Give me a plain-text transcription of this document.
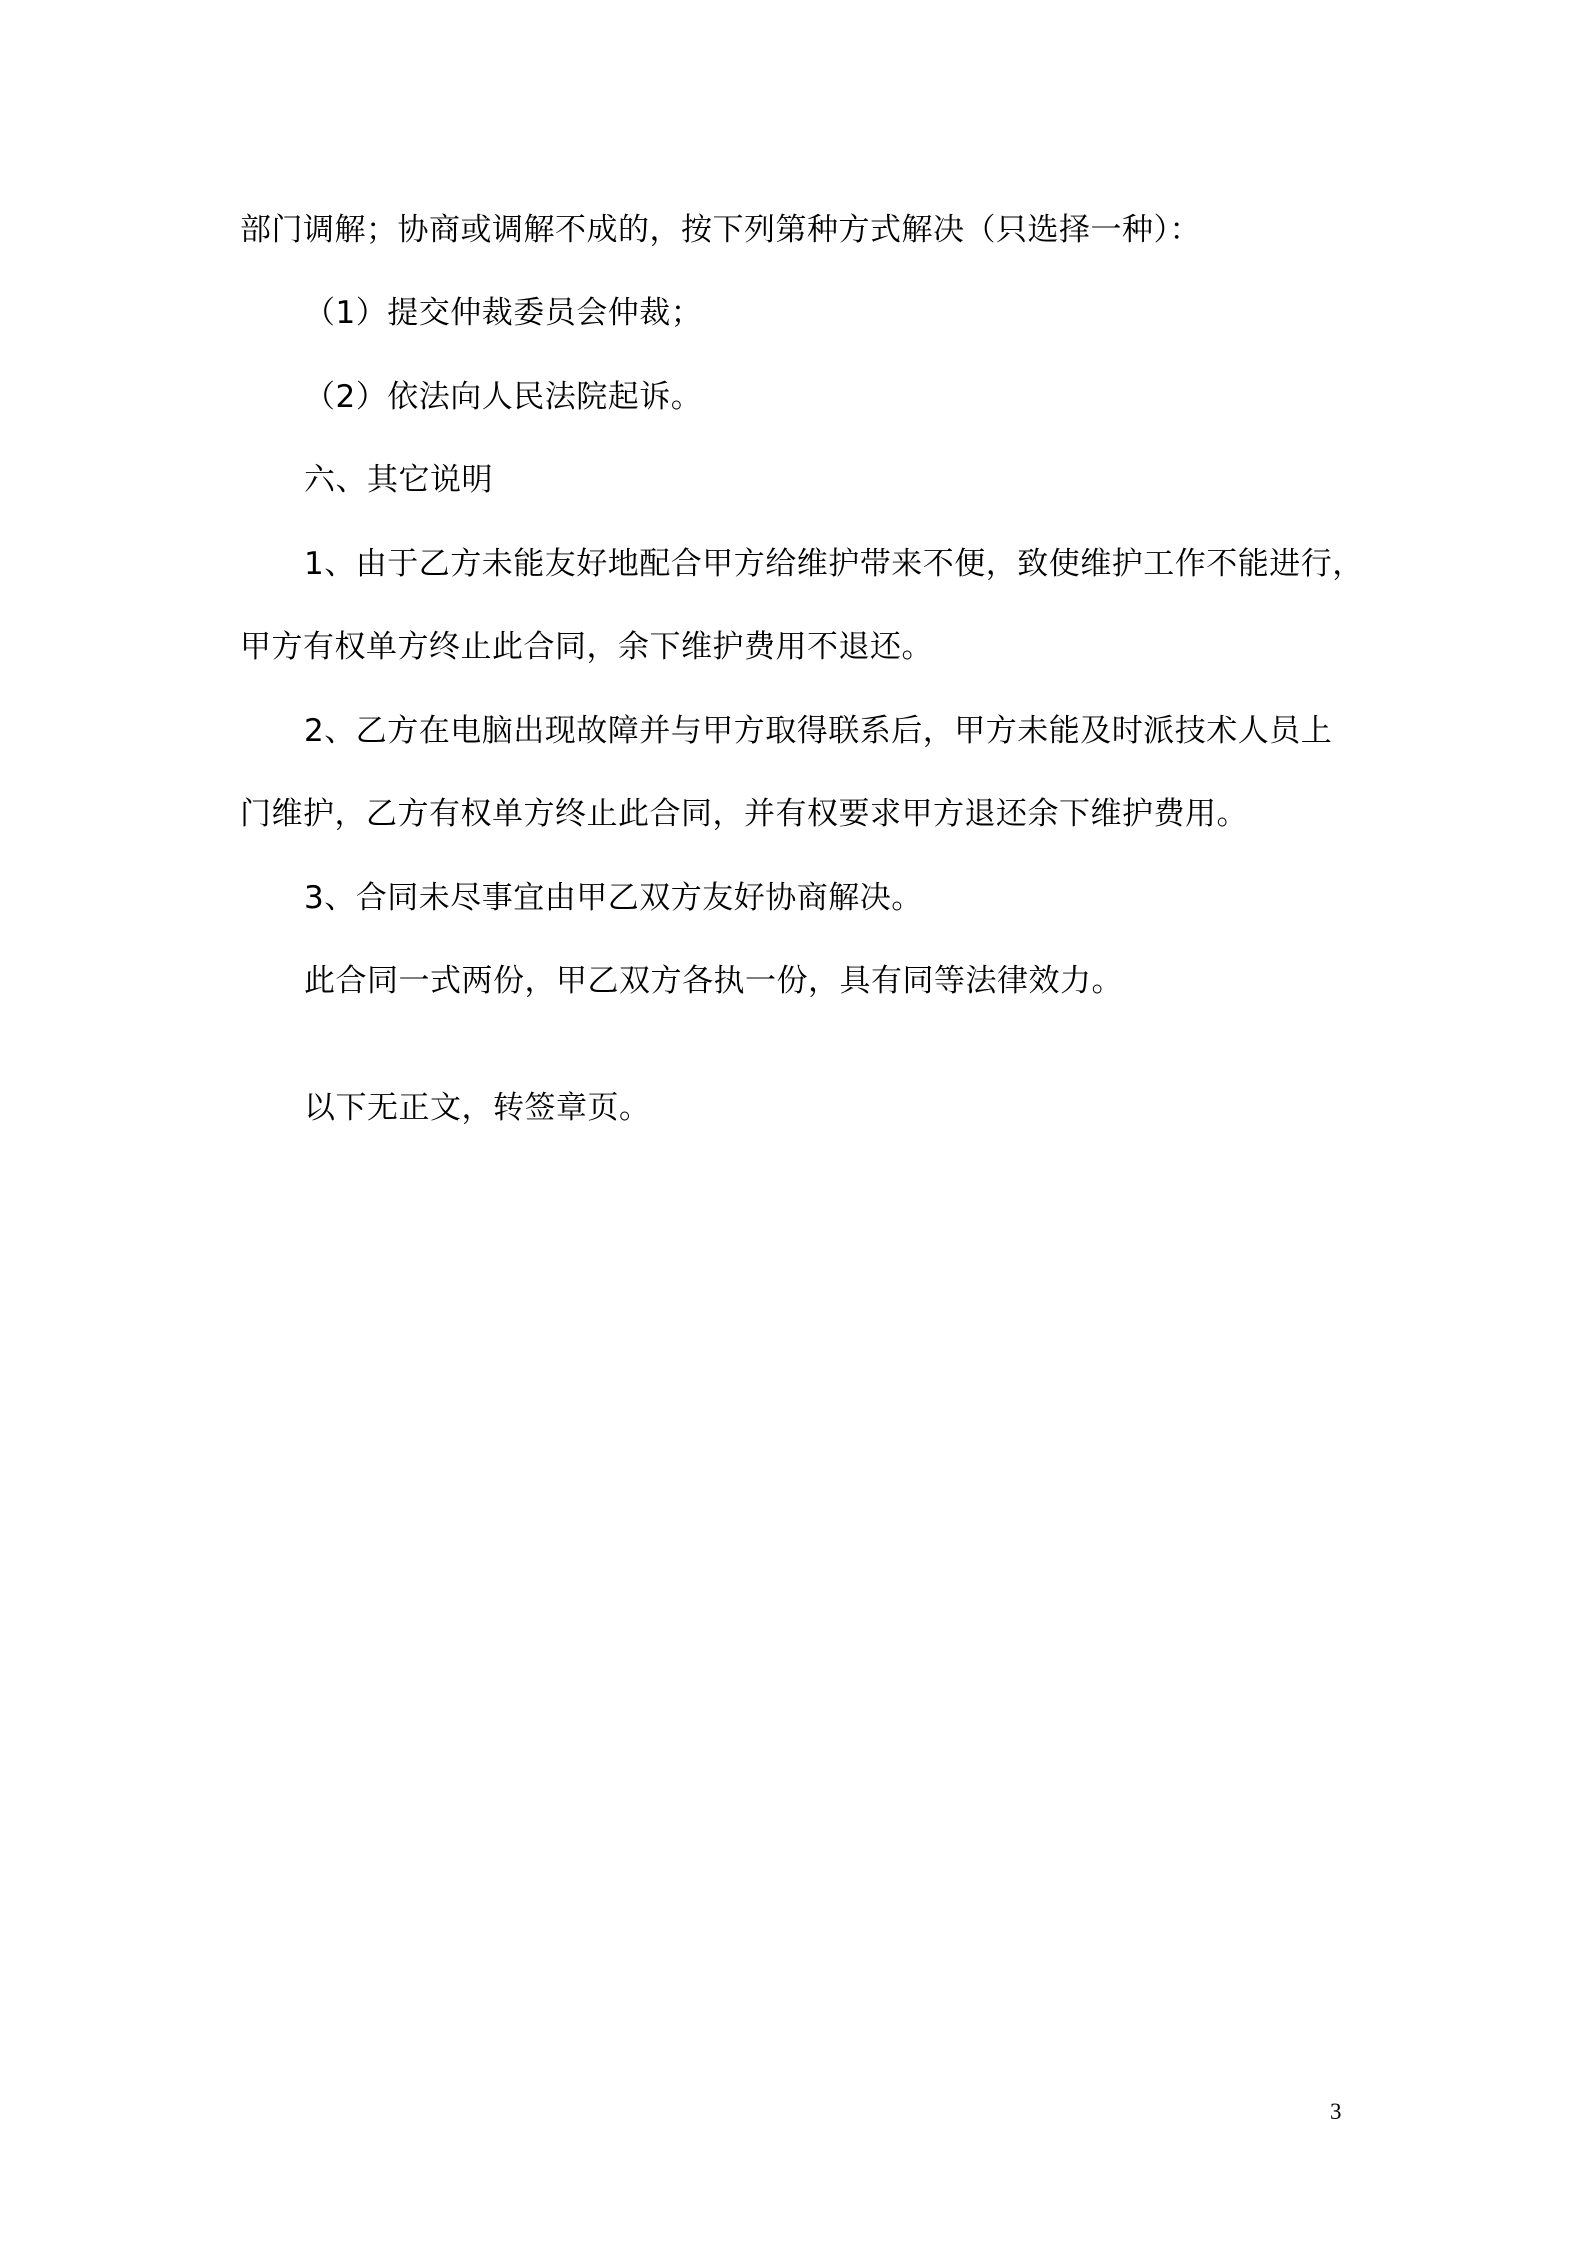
部门调解；协商或调解不成的，按下列第种方式解决（只选择一种）：
（1）提交仲裁委员会仲裁；
（2）依法向人民法院起诉。
六、其它说明
1、由于乙方未能友好地配合甲方给维护带来不便，致使维护工作不能进行，
甲方有权单方终止此合同，余下维护费用不退还。
2、乙方在电脑出现故障并与甲方取得联系后，甲方未能及时派技术人员上
门维护，乙方有权单方终止此合同，并有权要求甲方退还余下维护费用。
3、合同未尽事宜由甲乙双方友好协商解决。
此合同一式两份，甲乙双方各执一份，具有同等法律效力。
以下无正文，转签章页。
3
